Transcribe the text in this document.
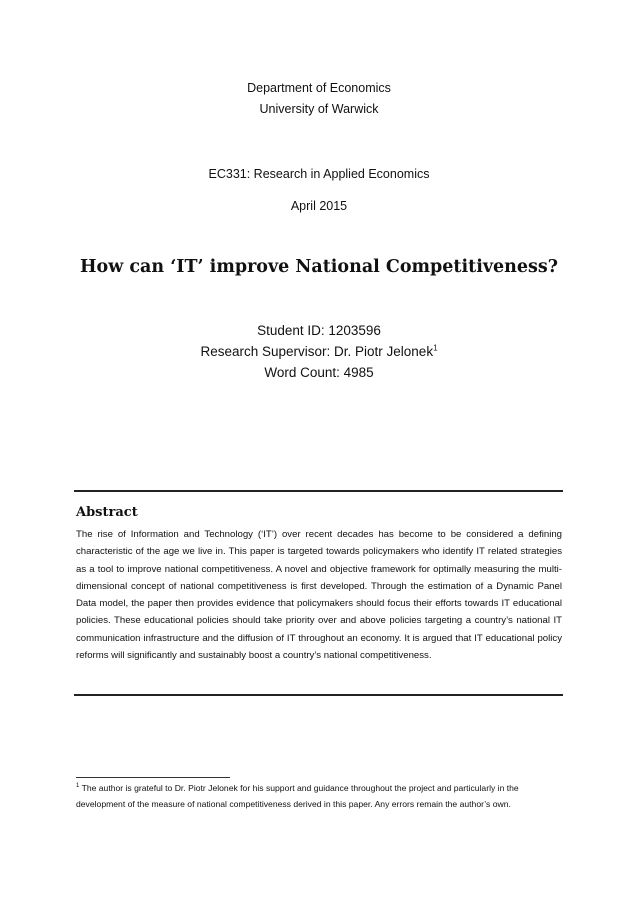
Department of Economics
University of Warwick
EC331: Research in Applied Economics
April 2015
How can ‘IT’ improve National Competitiveness?
Student ID: 1203596
Research Supervisor: Dr. Piotr Jelonek$^1$
Word Count: 4985
Abstract

The rise of Information and Technology (‘IT’) over recent decades has become to be considered a defining characteristic of the age we live in. This paper is targeted towards policymakers who identify IT related strategies as a tool to improve national competitiveness. A novel and objective framework for optimally measuring the multi-dimensional concept of national competitiveness is first developed. Through the estimation of a Dynamic Panel Data model, the paper then provides evidence that policymakers should focus their efforts towards IT educational policies. These educational policies should take priority over and above policies targeting a country’s national IT communication infrastructure and the diffusion of IT throughout an economy. It is argued that IT educational policy reforms will significantly and sustainably boost a country’s national competitiveness.

$^1$ The author is grateful to Dr. Piotr Jelonek for his support and guidance throughout the project and particularly in the development of the measure of national competitiveness derived in this paper. Any errors remain the author’s own.
